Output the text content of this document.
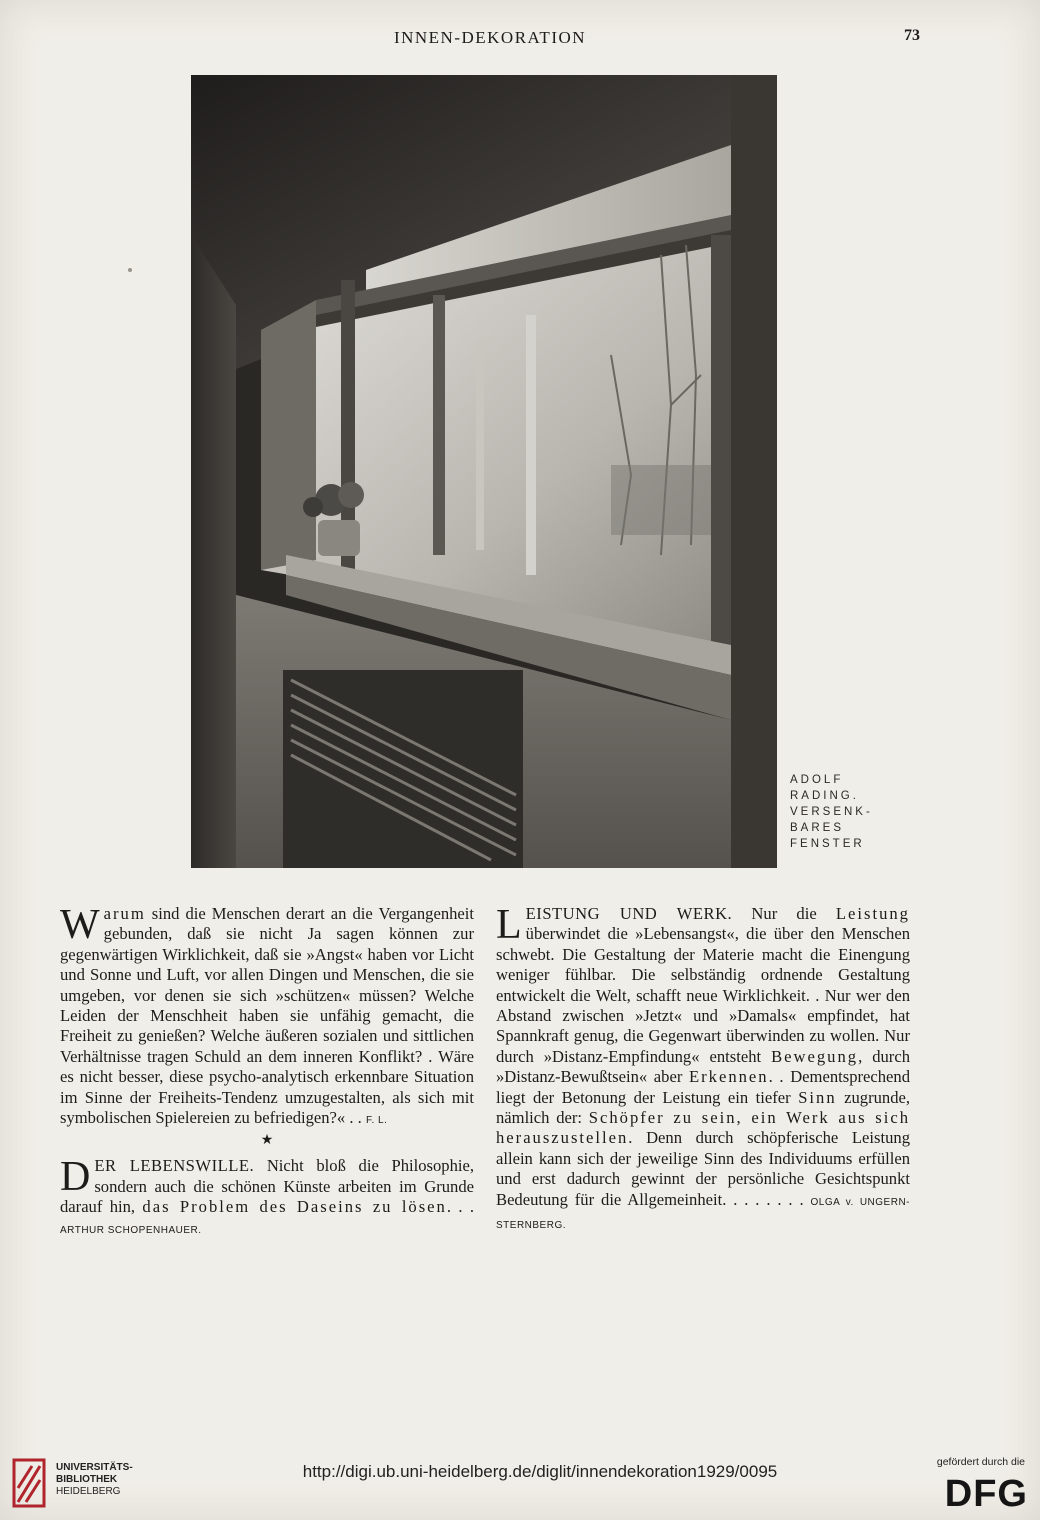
INNEN-DEKORATION	73
ADOLF
RADING.
VERSENK-
BARES
FENSTER

Warum sind die Menschen derart an die Vergangenheit gebunden, daß sie nicht Ja sagen können zur gegenwärtigen Wirklichkeit, daß sie »Angst« haben vor Licht und Sonne und Luft, vor allen Dingen und Menschen, die sie umgeben, vor denen sie sich »schützen« müssen? Welche Leiden der Menschheit haben sie unfähig gemacht, die Freiheit zu genießen? Welche äußeren sozialen und sittlichen Verhältnisse tragen Schuld an dem inneren Konflikt? . Wäre es nicht besser, diese psycho-analytisch erkennbare Situation im Sinne der Freiheits-Tendenz umzugestalten, als sich mit symbolischen Spielereien zu befriedigen?« . . F. L.

★

DER LEBENSWILLE. Nicht bloß die Philosophie, sondern auch die schönen Künste arbeiten im Grunde darauf hin, das Problem des Daseins zu lösen. . . ARTHUR SCHOPENHAUER.

LEISTUNG UND WERK. Nur die Leistung überwindet die »Lebensangst«, die über den Menschen schwebt. Die Gestaltung der Materie macht die Einengung weniger fühlbar. Die selbständig ordnende Gestaltung entwickelt die Welt, schafft neue Wirklichkeit. . Nur wer den Abstand zwischen »Jetzt« und »Damals« empfindet, hat Spannkraft genug, die Gegenwart überwinden zu wollen. Nur durch »Distanz-Empfindung« entsteht Bewegung, durch »Distanz-Bewußtsein« aber Erkennen. . Dementsprechend liegt der Betonung der Leistung ein tiefer Sinn zugrunde, nämlich der: Schöpfer zu sein, ein Werk aus sich herauszustellen. Denn durch schöpferische Leistung allein kann sich der jeweilige Sinn des Individuums erfüllen und erst dadurch gewinnt der persönliche Gesichtspunkt Bedeutung für die Allgemeinheit. . . . . . . . OLGA v. UNGERN-STERNBERG.

UNIVERSITÄTS-
BIBLIOTHEK
HEIDELBERG
http://digi.ub.uni-heidelberg.de/diglit/innendekoration1929/0095	gefördert durch die
DFG
